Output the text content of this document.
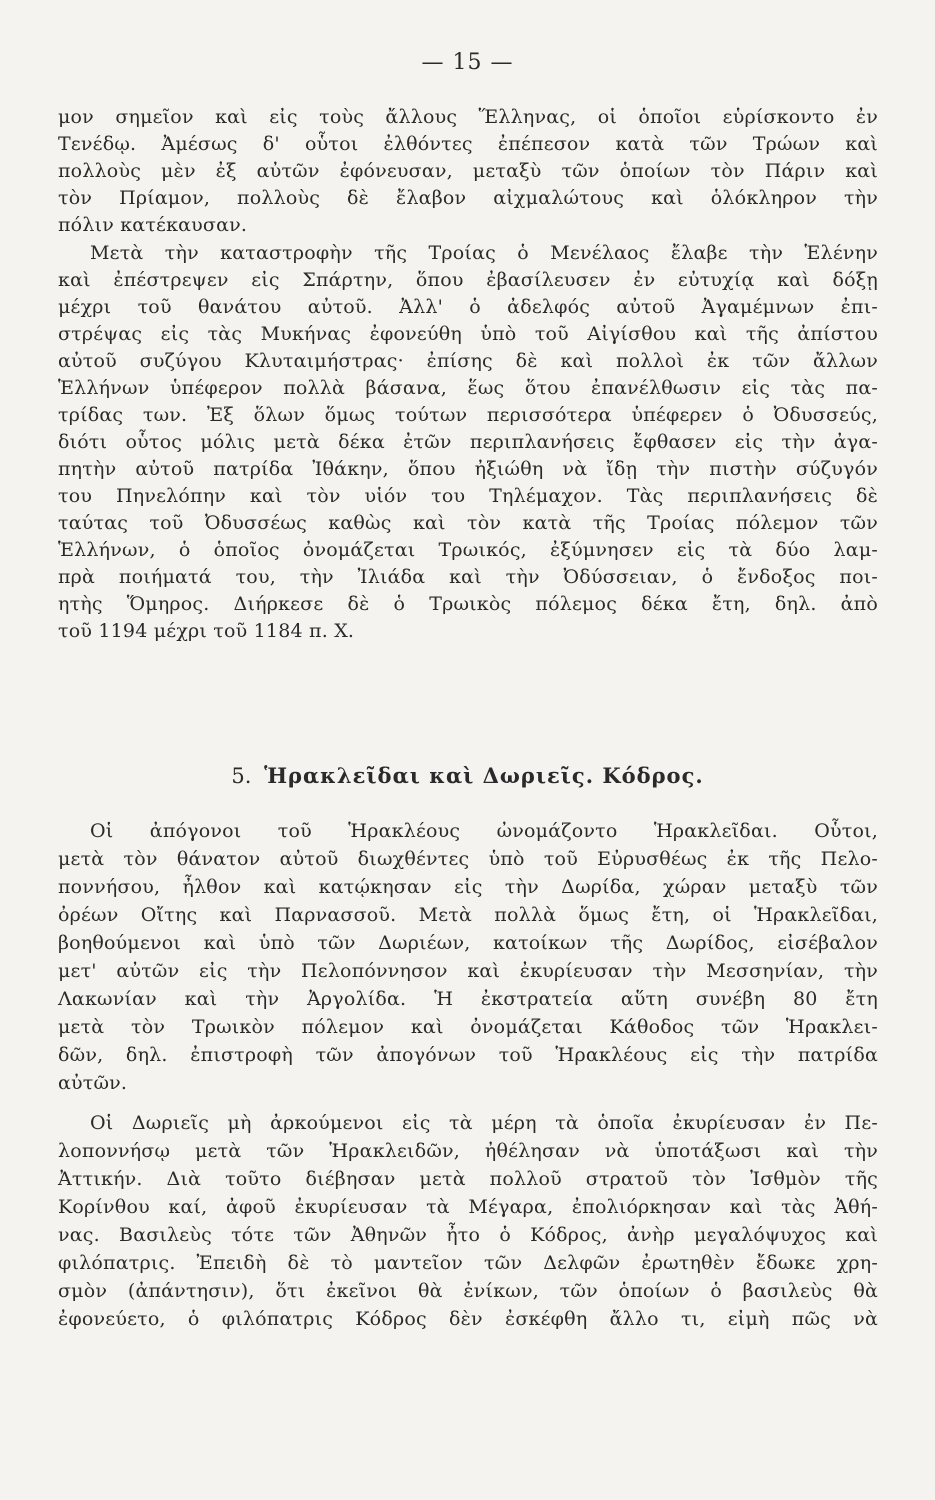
— 15 —
μον σημεῖον καὶ εἰς τοὺς ἄλλους Ἕλληνας, οἱ ὁποῖοι εὑρίσκοντο ἐν
Τενέδῳ. Ἀμέσως δ' οὗτοι ἐλθόντες ἐπέπεσον κατὰ τῶν Τρώων καὶ
πολλοὺς μὲν ἐξ αὐτῶν ἐφόνευσαν, μεταξὺ τῶν ὁποίων τὸν Πάριν καὶ
τὸν Πρίαμον, πολλοὺς δὲ ἔλαβον αἰχμαλώτους καὶ ὁλόκληρον τὴν
πόλιν κατέκαυσαν.
Μετὰ τὴν καταστροφὴν τῆς Τροίας ὁ Μενέλαος ἔλαβε τὴν Ἑλένην
καὶ ἐπέστρεψεν εἰς Σπάρτην, ὅπου ἐβασίλευσεν ἐν εὐτυχίᾳ καὶ δόξῃ
μέχρι τοῦ θανάτου αὐτοῦ. Ἀλλ' ὁ ἀδελφός αὐτοῦ Ἀγαμέμνων ἐπι-
στρέψας εἰς τὰς Μυκήνας ἐφονεύθη ὑπὸ τοῦ Αἰγίσθου καὶ τῆς ἀπίστου
αὐτοῦ συζύγου Κλυταιμήστρας· ἐπίσης δὲ καὶ πολλοὶ ἐκ τῶν ἄλλων
Ἑλλήνων ὑπέφερον πολλὰ βάσανα, ἕως ὅτου ἐπανέλθωσιν εἰς τὰς πα-
τρίδας των. Ἐξ ὅλων ὅμως τούτων περισσότερα ὑπέφερεν ὁ Ὀδυσσεύς,
διότι οὗτος μόλις μετὰ δέκα ἐτῶν περιπλανήσεις ἔφθασεν εἰς τὴν ἀγα-
πητὴν αὐτοῦ πατρίδα Ἰθάκην, ὅπου ἠξιώθη νὰ ἴδῃ τὴν πιστὴν σύζυγόν
του Πηνελόπην καὶ τὸν υἱόν του Τηλέμαχον. Τὰς περιπλανήσεις δὲ
ταύτας τοῦ Ὀδυσσέως καθὼς καὶ τὸν κατὰ τῆς Τροίας πόλεμον τῶν
Ἑλλήνων, ὁ ὁποῖος ὀνομάζεται Τρωικός, ἐξύμνησεν εἰς τὰ δύο λαμ-
πρὰ ποιήματά του, τὴν Ἰλιάδα καὶ τὴν Ὀδύσσειαν, ὁ ἔνδοξος ποι-
ητὴς Ὅμηρος. Διήρκεσε δὲ ὁ Τρωικὸς πόλεμος δέκα ἔτη, δηλ. ἀπὸ
τοῦ 1194 μέχρι τοῦ 1184 π. Χ.
5. Ἡρακλεῖδαι καὶ Δωριεῖς. Κόδρος.
Οἱ ἀπόγονοι τοῦ Ἡρακλέους ὠνομάζοντο Ἡρακλεῖδαι. Οὗτοι,
μετὰ τὸν θάνατον αὐτοῦ διωχθέντες ὑπὸ τοῦ Εὐρυσθέως ἐκ τῆς Πελο-
ποννήσου, ἦλθον καὶ κατῴκησαν εἰς τὴν Δωρίδα, χώραν μεταξὺ τῶν
ὀρέων Οἴτης καὶ Παρνασσοῦ. Μετὰ πολλὰ ὅμως ἔτη, οἱ Ἡρακλεῖδαι,
βοηθούμενοι καὶ ὑπὸ τῶν Δωριέων, κατοίκων τῆς Δωρίδος, εἰσέβαλον
μετ' αὐτῶν εἰς τὴν Πελοπόννησον καὶ ἐκυρίευσαν τὴν Μεσσηνίαν, τὴν
Λακωνίαν καὶ τὴν Ἀργολίδα. Ἡ ἐκστρατεία αὕτη συνέβη 80 ἔτη
μετὰ τὸν Τρωικὸν πόλεμον καὶ ὀνομάζεται Κάθοδος τῶν Ἡρακλει-
δῶν, δηλ. ἐπιστροφὴ τῶν ἀπογόνων τοῦ Ἡρακλέους εἰς τὴν πατρίδα
αὐτῶν.
Οἱ Δωριεῖς μὴ ἀρκούμενοι εἰς τὰ μέρη τὰ ὁποῖα ἐκυρίευσαν ἐν Πε-
λοποννήσῳ μετὰ τῶν Ἡρακλειδῶν, ἠθέλησαν νὰ ὑποτάξωσι καὶ τὴν
Ἀττικήν. Διὰ τοῦτο διέβησαν μετὰ πολλοῦ στρατοῦ τὸν Ἰσθμὸν τῆς
Κορίνθου καί, ἀφοῦ ἐκυρίευσαν τὰ Μέγαρα, ἐπολιόρκησαν καὶ τὰς Ἀθή-
νας. Βασιλεὺς τότε τῶν Ἀθηνῶν ἦτο ὁ Κόδρος, ἀνὴρ μεγαλόψυχος καὶ
φιλόπατρις. Ἐπειδὴ δὲ τὸ μαντεῖον τῶν Δελφῶν ἐρωτηθὲν ἔδωκε χρη-
σμὸν (ἀπάντησιν), ὅτι ἐκεῖνοι θὰ ἐνίκων, τῶν ὁποίων ὁ βασιλεὺς θὰ
ἐφονεύετο, ὁ φιλόπατρις Κόδρος δὲν ἐσκέφθη ἄλλο τι, εἰμὴ πῶς νὰ
